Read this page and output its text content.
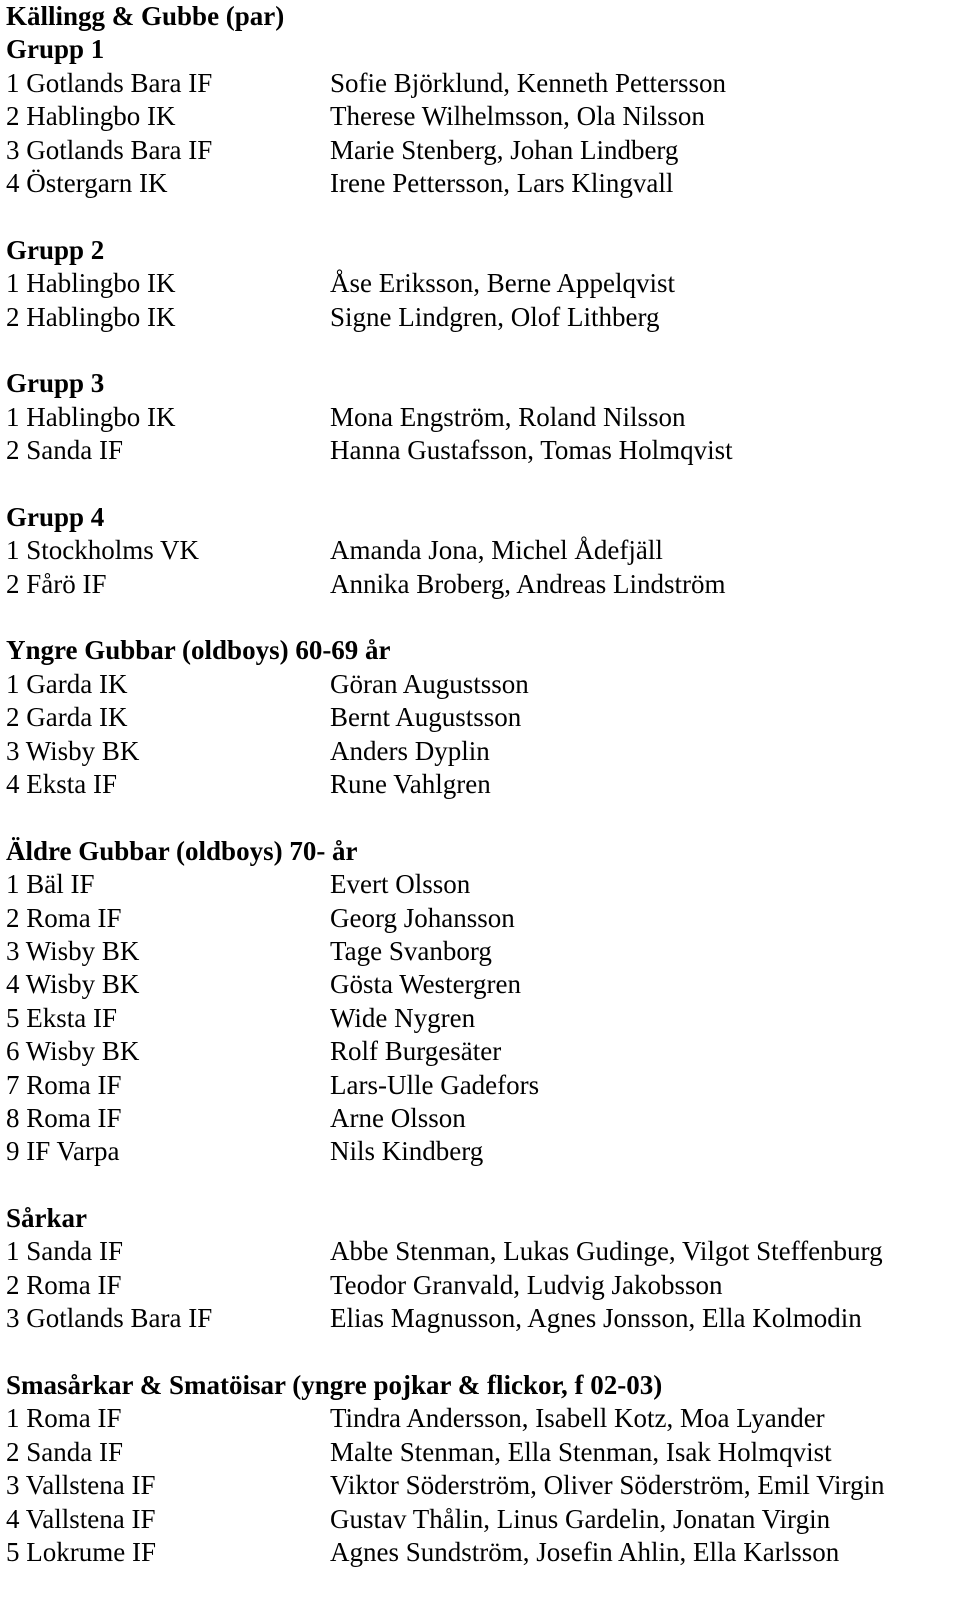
Källingg & Gubbe (par)
Grupp 1
1 Gotlands Bara IF	Sofie Björklund, Kenneth Pettersson
2 Hablingbo IK	Therese Wilhelmsson, Ola Nilsson
3 Gotlands Bara IF	Marie Stenberg, Johan Lindberg
4 Östergarn IK	Irene Pettersson, Lars Klingvall
Grupp 2
1 Hablingbo IK	Åse Eriksson, Berne Appelqvist
2 Hablingbo IK	Signe Lindgren, Olof Lithberg
Grupp 3
1 Hablingbo IK	Mona Engström, Roland Nilsson
2 Sanda IF	Hanna Gustafsson, Tomas Holmqvist
Grupp 4
1 Stockholms VK	Amanda Jona, Michel Ådefjäll
2 Fårö IF	Annika Broberg, Andreas Lindström
Yngre Gubbar (oldboys) 60-69 år
1 Garda IK	Göran Augustsson
2 Garda IK	Bernt Augustsson
3 Wisby BK	Anders Dyplin
4 Eksta IF	Rune Vahlgren
Äldre Gubbar (oldboys) 70- år
1 Bäl IF	Evert Olsson
2 Roma IF	Georg Johansson
3 Wisby BK	Tage Svanborg
4 Wisby BK	Gösta Westergren
5 Eksta IF	Wide Nygren
6 Wisby BK	Rolf Burgesäter
7 Roma IF	Lars-Ulle Gadefors
8 Roma IF	Arne Olsson
9 IF Varpa	Nils Kindberg
Sårkar
1 Sanda IF	Abbe Stenman, Lukas Gudinge, Vilgot Steffenburg
2 Roma IF	Teodor Granvald, Ludvig Jakobsson
3 Gotlands Bara IF	Elias Magnusson, Agnes Jonsson, Ella Kolmodin
Smasårkar & Smatöisar (yngre pojkar & flickor, f 02-03)
1 Roma IF	Tindra Andersson, Isabell Kotz, Moa Lyander
2 Sanda IF	Malte Stenman, Ella Stenman, Isak Holmqvist
3 Vallstena IF	Viktor Söderström, Oliver Söderström, Emil Virgin
4 Vallstena IF	Gustav Thålin, Linus Gardelin, Jonatan Virgin
5 Lokrume IF	Agnes Sundström, Josefin Ahlin, Ella Karlsson
